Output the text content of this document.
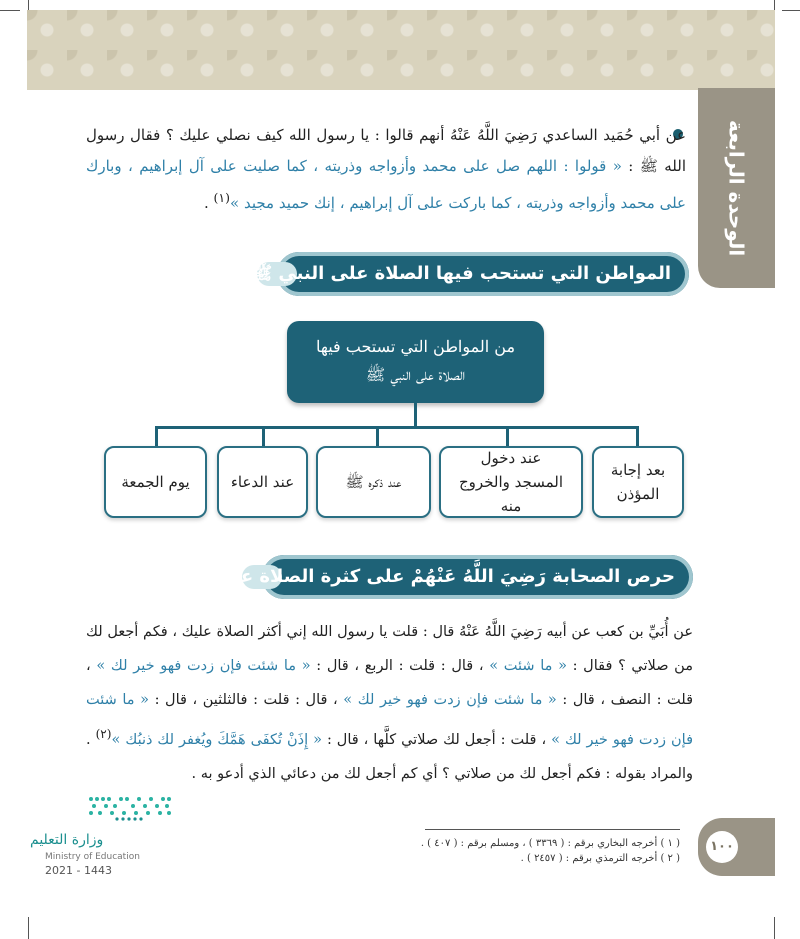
الوحدة الرابعة
عن أبي حُمَيد الساعدي رَضِيَ اللَّهُ عَنْهُ أنهم قالوا : يا رسول الله كيف نصلي عليك ؟ فقال رسول الله ﷺ : « قولوا : اللهم صل على محمد وأزواجه وذريته ، كما صليت على آل إبراهيم ، وبارك على محمد وأزواجه وذريته ، كما باركت على آل إبراهيم ، إنك حميد مجيد »$^{(١)}$ .
المواطن التي تستحب فيها الصلاة على النبي ﷺ :
من المواطن التي تستحب فيها
الصلاة على النبي ﷺ
بعد إجابة المؤذن
عند دخول المسجد والخروج منه
عند ذكره ﷺ
عند الدعاء
يوم الجمعة
حرص الصحابة رَضِيَ اللَّهُ عَنْهُمْ على كثرة الصلاة عليه ﷺ :
عن أُبَيِّ بن كعب عن أبيه رَضِيَ اللَّهُ عَنْهُ قال : قلت يا رسول الله إني أكثر الصلاة عليك ، فكم أجعل لك من صلاتي ؟ فقال : « ما شئت » ، قال : قلت : الربع ، قال : « ما شئت فإن زدت فهو خير لك » ، قلت : النصف ، قال : « ما شئت فإن زدت فهو خير لك » ، قال : قلت : فالثلثين ، قال : « ما شئت فإن زدت فهو خير لك » ، قلت : أجعل لك صلاتي كلَّها ، قال : « إِذَنْ تُكفَى هَمَّكَ ويُغفر لك ذنبُك »$^{(٢)}$ . والمراد بقوله : فكم أجعل لك من صلاتي ؟ أي كم أجعل لك من دعائي الذي أدعو به .
( ١ ) أخرجه البخاري برقم : ( ٣٣٦٩ ) ، ومسلم برقم : ( ٤٠٧ ) .
( ٢ ) أخرجه الترمذي برقم : ( ٢٤٥٧ ) .
١٠٠
وزارة التعليم
Ministry of Education
2021 - 1443
